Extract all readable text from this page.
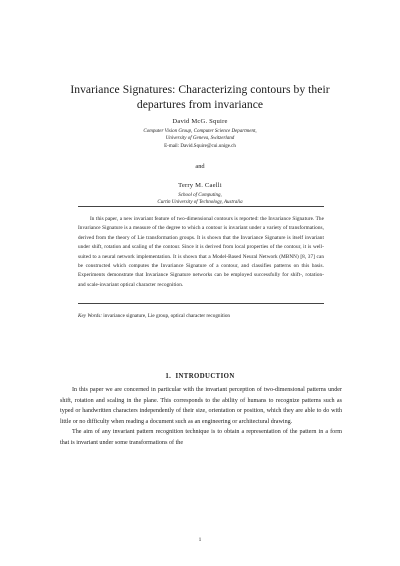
Invariance Signatures: Characterizing contours by their departures from invariance
David McG. Squire
Computer Vision Group, Computer Science Department,
University of Geneva, Switzerland
E-mail: David.Squire@cui.unige.ch
and
Terry M. Caelli
School of Computing,
Curtin University of Technology, Australia

In this paper, a new invariant feature of two-dimensional contours is reported: the Invariance Signature. The Invariance Signature is a measure of the degree to which a contour is invariant under a variety of transformations, derived from the theory of Lie transformation groups. It is shown that the Invariance Signature is itself invariant under shift, rotation and scaling of the contour. Since it is derived from local properties of the contour, it is well-suited to a neural network implementation. It is shown that a Model-Based Neural Network (MBNN) [8, 37] can be constructed which computes the Invariance Signature of a contour, and classifies patterns on this basis. Experiments demonstrate that Invariance Signature networks can be employed successfully for shift-, rotation- and scale-invariant optical character recognition.

Key Words: invariance signature, Lie group, optical character recognition
1. INTRODUCTION

In this paper we are concerned in particular with the invariant perception of two-dimensional patterns under shift, rotation and scaling in the plane. This corresponds to the ability of humans to recognize patterns such as typed or handwritten characters independently of their size, orientation or position, which they are able to do with little or no difficulty when reading a document such as an engineering or architectural drawing.

The aim of any invariant pattern recognition technique is to obtain a representation of the pattern in a form that is invariant under some transformations of the

1
